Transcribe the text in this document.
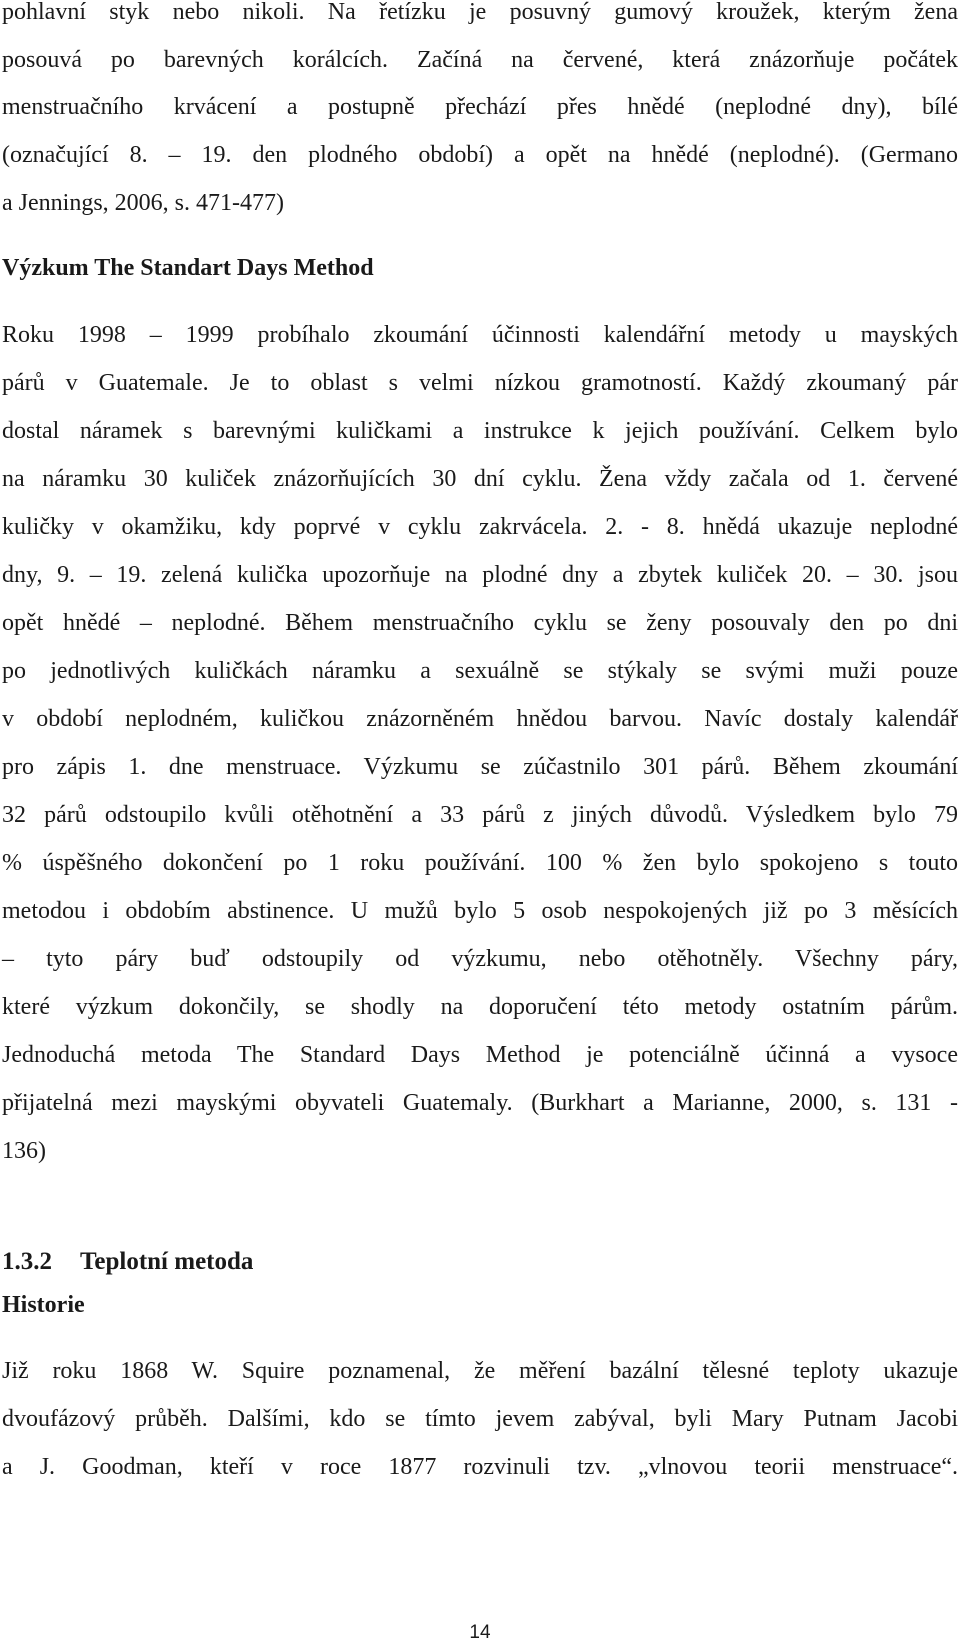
pohlavní styk nebo nikoli. Na řetízku je posuvný gumový kroužek, kterým žena
posouvá po barevných korálcích. Začíná na červené, která znázorňuje počátek
menstruačního krvácení a postupně přechází přes hnědé (neplodné dny), bílé
(označující 8. – 19. den plodného období) a opět na hnědé (neplodné). (Germano
a Jennings, 2006, s. 471-477)
Výzkum The Standart Days Method
Roku 1998 – 1999 probíhalo zkoumání účinnosti kalendářní metody u mayských
párů v Guatemale. Je to oblast s velmi nízkou gramotností. Každý zkoumaný pár
dostal náramek s barevnými kuličkami a instrukce k jejich používání. Celkem bylo
na náramku 30 kuliček znázorňujících 30 dní cyklu. Žena vždy začala od 1. červené
kuličky v okamžiku, kdy poprvé v cyklu zakrvácela. 2. - 8. hnědá ukazuje neplodné
dny, 9. – 19. zelená kulička upozorňuje na plodné dny a zbytek kuliček 20. – 30. jsou
opět hnědé – neplodné. Během menstruačního cyklu se ženy posouvaly den po dni
po jednotlivých kuličkách náramku a sexuálně se stýkaly se svými muži pouze
v období neplodném, kuličkou znázorněném hnědou barvou. Navíc dostaly kalendář
pro zápis 1. dne menstruace. Výzkumu se zúčastnilo 301 párů. Během zkoumání
32 párů odstoupilo kvůli otěhotnění a 33 párů z jiných důvodů. Výsledkem bylo 79
% úspěšného dokončení po 1 roku používání. 100 % žen bylo spokojeno s touto
metodou i obdobím abstinence. U mužů bylo 5 osob nespokojených již po 3 měsících
– tyto páry buď odstoupily od výzkumu, nebo otěhotněly. Všechny páry,
které výzkum dokončily, se shodly na doporučení této metody ostatním párům.
Jednoduchá metoda The Standard Days Method je potenciálně účinná a vysoce
přijatelná mezi mayskými obyvateli Guatemaly. (Burkhart a Marianne, 2000, s. 131 -
136)
1.3.2 Teplotní metoda
Historie
Již roku 1868 W. Squire poznamenal, že měření bazální tělesné teploty ukazuje
dvoufázový průběh. Dalšími, kdo se tímto jevem zabýval, byli Mary Putnam Jacobi
a J. Goodman, kteří v roce 1877 rozvinuli tzv. „vlnovou teorii menstruace“.
14
